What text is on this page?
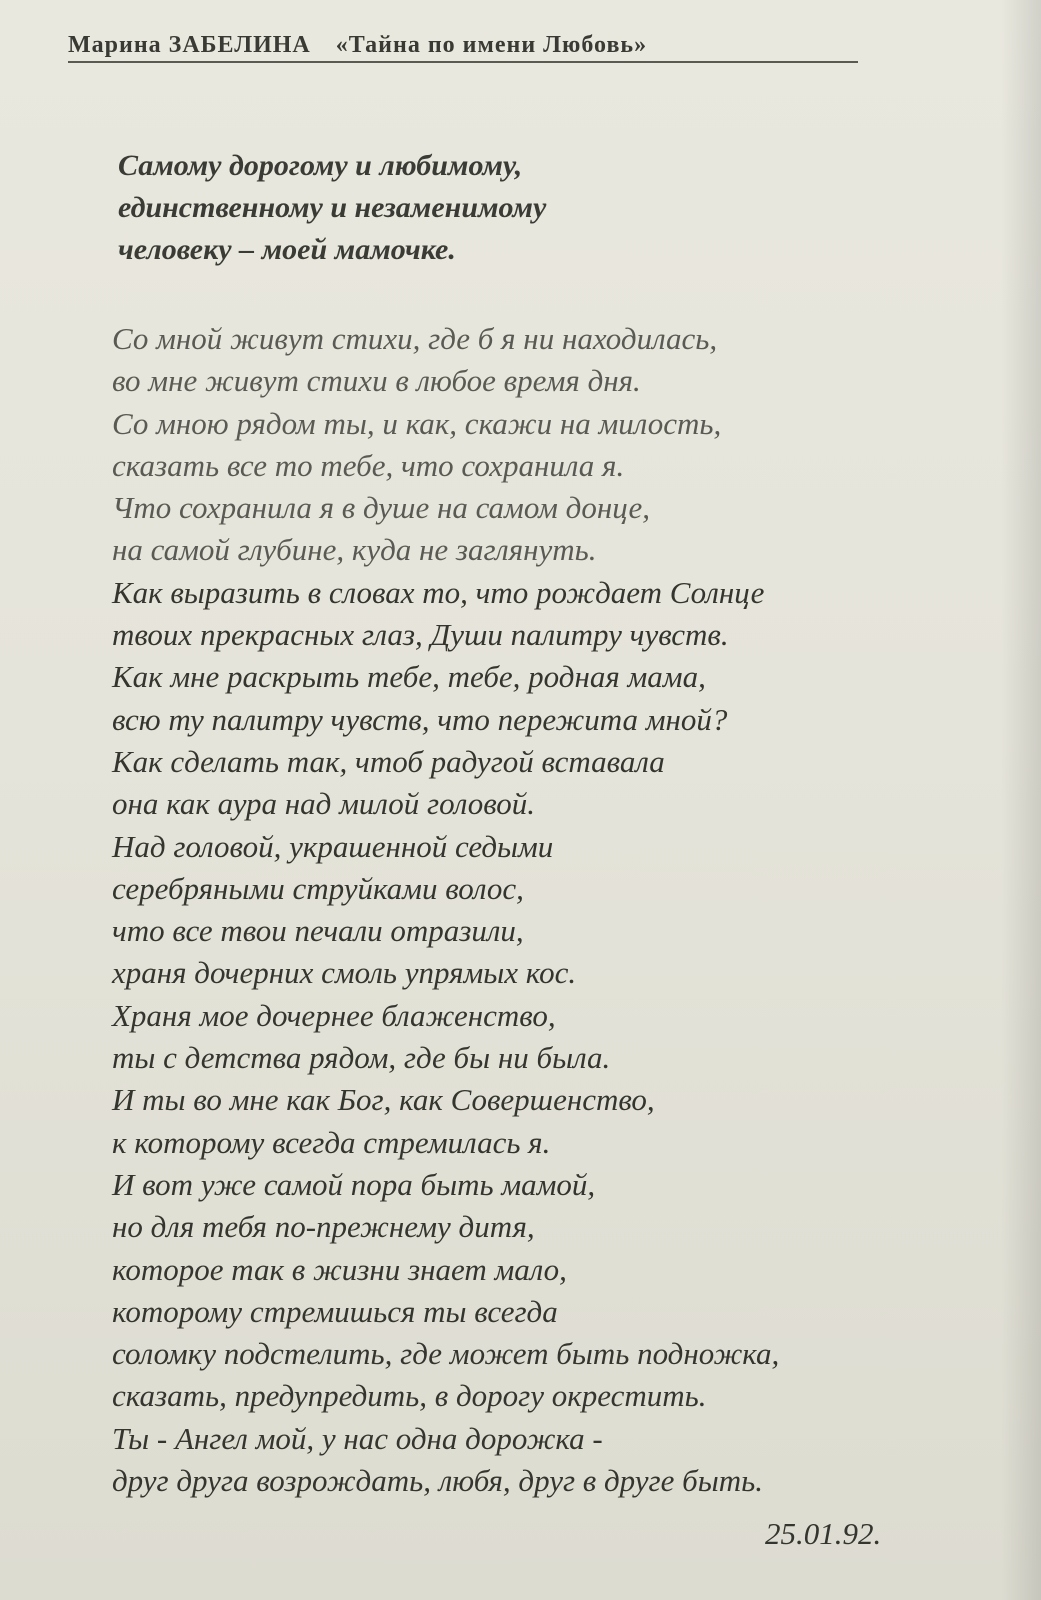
Марина ЗАБЕЛИНА «Тайна по имени Любовь»
Самому дорогому и любимому,
единственному и незаменимому
человеку – моей мамочке.
Со мной живут стихи, где б я ни находилась,
во мне живут стихи в любое время дня.
Со мною рядом ты, и как, скажи на милость,
сказать все то тебе, что сохранила я.
Что сохранила я в душе на самом донце,
на самой глубине, куда не заглянуть.
Как выразить в словах то, что рождает Солнце
твоих прекрасных глаз, Души палитру чувств.
Как мне раскрыть тебе, тебе, родная мама,
всю ту палитру чувств, что пережита мной?
Как сделать так, чтоб радугой вставала
она как аура над милой головой.
Над головой, украшенной седыми
серебряными струйками волос,
что все твои печали отразили,
храня дочерних смоль упрямых кос.
Храня мое дочернее блаженство,
ты с детства рядом, где бы ни была.
И ты во мне как Бог, как Совершенство,
к которому всегда стремилась я.
И вот уже самой пора быть мамой,
но для тебя по-прежнему дитя,
которое так в жизни знает мало,
которому стремишься ты всегда
соломку подстелить, где может быть подножка,
сказать, предупредить, в дорогу окрестить.
Ты - Ангел мой, у нас одна дорожка -
друг друга возрождать, любя, друг в друге быть.
25.01.92.
